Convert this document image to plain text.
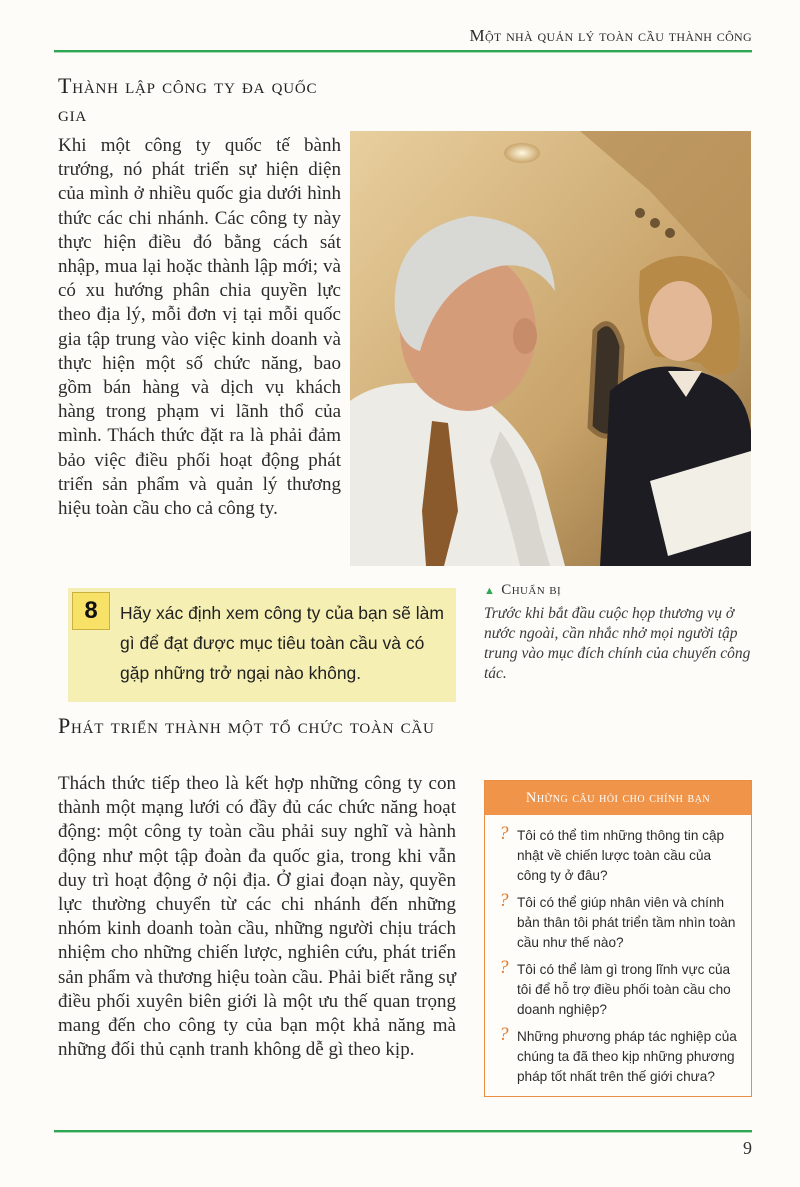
Một nhà quản lý toàn cầu thành công
Thành lập công ty đa quốc gia

Khi một công ty quốc tế bành trướng, nó phát triển sự hiện diện của mình ở nhiều quốc gia dưới hình thức các chi nhánh. Các công ty này thực hiện điều đó bằng cách sát nhập, mua lại hoặc thành lập mới; và có xu hướng phân chia quyền lực theo địa lý, mỗi đơn vị tại mỗi quốc gia tập trung vào việc kinh doanh và thực hiện một số chức năng, bao gồm bán hàng và dịch vụ khách hàng trong phạm vi lãnh thổ của mình. Thách thức đặt ra là phải đảm bảo việc điều phối hoạt động phát triển sản phẩm và quản lý thương hiệu toàn cầu cho cả công ty.

▲ Chuẩn bị
Trước khi bắt đầu cuộc họp thương vụ ở nước ngoài, cần nhắc nhở mọi người tập trung vào mục đích chính của chuyến công tác.
8	Hãy xác định xem công ty của bạn sẽ làm gì để đạt được mục tiêu toàn cầu và có gặp những trở ngại nào không.
Phát triển thành một tổ chức toàn cầu

Thách thức tiếp theo là kết hợp những công ty con thành một mạng lưới có đầy đủ các chức năng hoạt động: một công ty toàn cầu phải suy nghĩ và hành động như một tập đoàn đa quốc gia, trong khi vẫn duy trì hoạt động ở nội địa. Ở giai đoạn này, quyền lực thường chuyển từ các chi nhánh đến những nhóm kinh doanh toàn cầu, những người chịu trách nhiệm cho những chiến lược, nghiên cứu, phát triển sản phẩm và thương hiệu toàn cầu. Phải biết rằng sự điều phối xuyên biên giới là một ưu thế quan trọng mang đến cho công ty của bạn một khả năng mà những đối thủ cạnh tranh không dễ gì theo kịp.

Những câu hỏi cho chính bạn
? Tôi có thể tìm những thông tin cập nhật về chiến lược toàn cầu của công ty ở đâu?
? Tôi có thể giúp nhân viên và chính bản thân tôi phát triển tầm nhìn toàn cầu như thế nào?
? Tôi có thể làm gì trong lĩnh vực của tôi để hỗ trợ điều phối toàn cầu cho doanh nghiệp?
? Những phương pháp tác nghiệp của chúng ta đã theo kịp những phương pháp tốt nhất trên thế giới chưa?
9
